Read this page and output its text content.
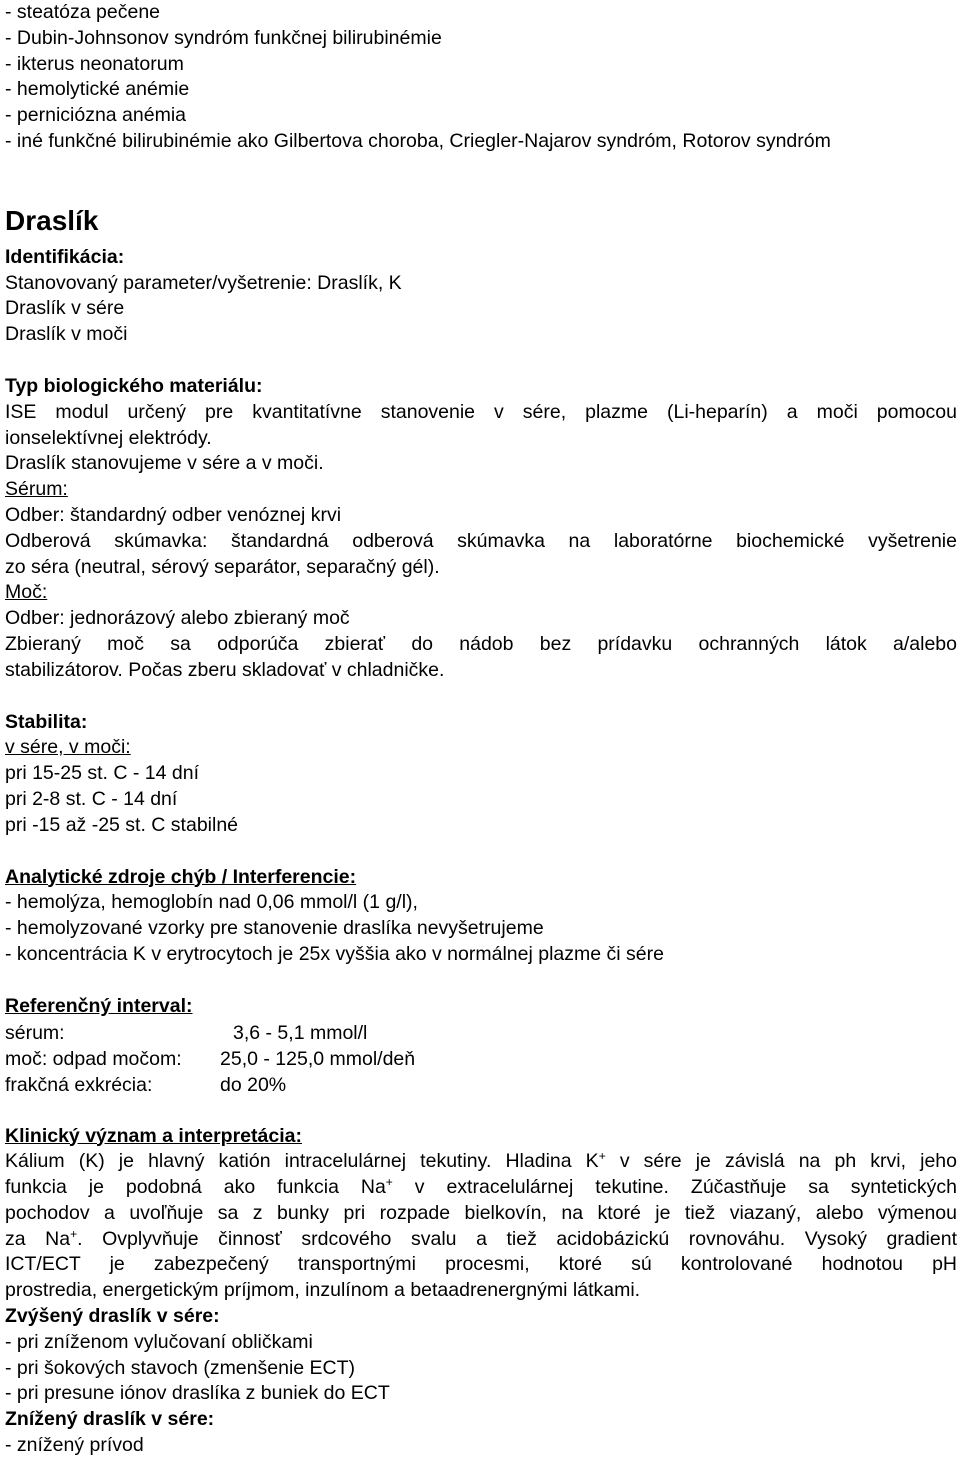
- steatóza pečene
- Dubin-Johnsonov syndróm funkčnej bilirubinémie
- ikterus neonatorum
- hemolytické anémie
- perniciózna anémia
- iné funkčné bilirubinémie ako Gilbertova choroba, Criegler-Najarov syndróm, Rotorov syndróm
Draslík
Identifikácia:
Stanovovaný parameter/vyšetrenie: Draslík, K
Draslík v sére
Draslík v moči
Typ biologického materiálu:
ISE modul určený pre kvantitatívne stanovenie v sére, plazme (Li-heparín) a moči pomocou
ionselektívnej elektródy.
Draslík stanovujeme v sére a v moči.
Sérum:
Odber: štandardný odber venóznej krvi
Odberová skúmavka: štandardná odberová skúmavka na laboratórne biochemické vyšetrenie
zo séra (neutral, sérový separátor, separačný gél).
Moč:
Odber: jednorázový alebo zbieraný moč
Zbieraný moč sa odporúča zbierať do nádob bez prídavku ochranných látok a/alebo
stabilizátorov. Počas zberu skladovať v chladničke.
Stabilita:
v sére, v moči:
pri 15-25 st. C - 14 dní
pri 2-8 st. C - 14 dní
pri -15 až -25 st. C stabilné
Analytické zdroje chýb / Interferencie:
- hemolýza, hemoglobín nad 0,06 mmol/l (1 g/l),
- hemolyzované vzorky pre stanovenie draslíka nevyšetrujeme
- koncentrácia K v erytrocytoch je 25x vyššia ako v normálnej plazme či sére
Referenčný interval:
sérum:	3,6 - 5,1 mmol/l
moč: odpad močom: 25,0 - 125,0 mmol/deň
frakčná exkrécia:	do 20%
Klinický význam a interpretácia:
Kálium (K) je hlavný katión intracelulárnej tekutiny. Hladina K+ v sére je závislá na ph krvi, jeho
funkcia je podobná ako funkcia Na+ v extracelulárnej tekutine. Zúčastňuje sa syntetických
pochodov a uvoľňuje sa z bunky pri rozpade bielkovín, na ktoré je tiež viazaný, alebo výmenou
za Na+. Ovplyvňuje činnosť srdcového svalu a tiež acidobázickú rovnováhu. Vysoký gradient
ICT/ECT je zabezpečený transportnými procesmi, ktoré sú kontrolované hodnotou pH
prostredia, energetickým príjmom, inzulínom a betaadrenergnými látkami.
Zvýšený draslík v sére:
- pri zníženom vylučovaní obličkami
- pri šokových stavoch (zmenšenie ECT)
- pri presune iónov draslíka z buniek do ECT
Znížený draslík v sére:
- znížený prívod
